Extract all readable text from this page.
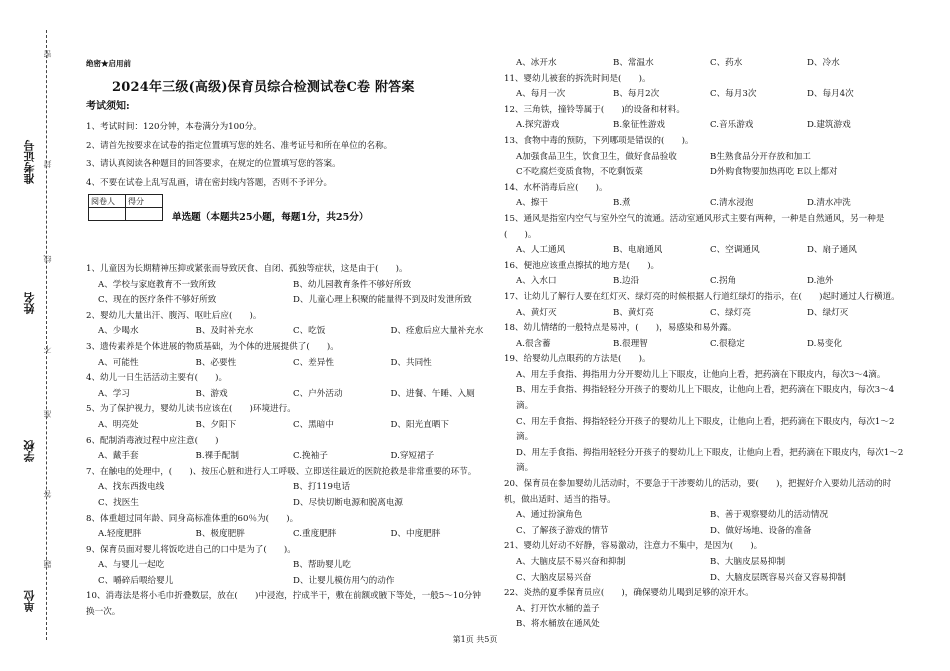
准考证号
姓名
学校
单位
密
封
线
不
准
答
题
绝密★启用前
2024年三级(高级)保育员综合检测试卷C卷 附答案
考试须知:
1、考试时间：120分钟，本卷满分为100分。
2、请首先按要求在试卷的指定位置填写您的姓名、准考证号和所在单位的名称。
3、请认真阅读各种题目的回答要求，在规定的位置填写您的答案。
4、不要在试卷上乱写乱画，请在密封线内答题，否则不予评分。
阅卷人	得分

单选题（本题共25小题，每题1分，共25分）
1、儿童因为长期精神压抑或紧张而导致厌食、自闭、孤独等症状，这是由于(　　)。
A、学校与家庭教育不一致所致	B、幼儿园教育条件不够好所致
C、现在的医疗条件不够好所致	D、儿童心理上积聚的能量得不到及时发泄所致
2、婴幼儿大量出汗、腹泻、呕吐后应(　　)。
A、少喝水	B、及时补充水	C、吃饭	D、痊愈后应大量补充水
3、遗传素养是个体进展的物质基础，为个体的进展提供了(　　)。
A、可能性	B、必要性	C、差异性	D、共同性
4、幼儿一日生活活动主要有(　　)。
A、学习	B、游戏	C、户外活动	D、进餐、午睡、入厕
5、为了保护视力，婴幼儿读书应该在(　　)环境进行。
A、明亮处	B、夕阳下	C、黑暗中	D、阳光直晒下
6、配制消毒液过程中应注意(　　)
A、戴手套	B.裸手配制	C.挽袖子	D.穿短裙子
7、在触电的处理中，(　　)、按压心脏和进行人工呼吸、立即送往最近的医院抢救是非常重要的环节。
A、找东西拨电线	B、打119电话
C、找医生	D、尽快切断电源和脱离电源
8、体重超过同年龄、同身高标准体重的60％为(　　)。
A.轻度肥胖	B、极度肥胖	C.重度肥胖	D、中度肥胖
9、保育员面对婴儿将饭吃进自己的口中是为了(　　)。
A、与婴儿一起吃	B、帮助婴儿吃
C、嚼碎后喂给婴儿	D、让婴儿模仿用勺的动作
10、消毒法是将小毛巾折叠数层，放在(　　)中浸泡，拧成半干，敷在前额或腋下等处，一般5～10分钟换一次。
A、冰开水	B、常温水	C、药水	D、冷水
11、婴幼儿被套的拆洗时间是(　　)。
A、每月一次	B、每月2次	C、每月3次	D、每月4次
12、三角铁，撞铃等属于(　　)的设备和材料。
A.探究游戏	B.象征性游戏	C.音乐游戏	D.建筑游戏
13、食物中毒的预防，下列哪项是错误的(　　)。
A加强食品卫生，饮食卫生，做好食品验收	B生熟食品分开存放和加工
C不吃腐烂变质食物，不吃剩饭菜	D外购食物要加热再吃 E以上都对
14、水杯消毒后应(　　)。
A、擦干	B.煮	C.清水浸泡	D.清水冲洗
15、通风是指室内空气与室外空气的流通。活动室通风形式主要有两种，一种是自然通风，另一种是(　　)。
A、人工通风	B、电扇通风	C、空调通风	D、扇子通风
16、便池应该重点擦拭的地方是(　　)。
A、入水口	B.边沿	C.拐角	D.池外
17、让幼儿了解行人要在红灯灭、绿灯亮的时候根据人行道红绿灯的指示，在(　　)起时通过人行横道。
A、黄灯灭	B、黄灯亮	C、绿灯亮	D、绿灯灭
18、幼儿情绪的一般特点是易冲，(　　)，易感染和易外露。
A.很含蓄	B.很理智	C.很稳定	D.易变化
19、给婴幼儿点眼药的方法是(　　)。
A、用左手食指、拇指用力分开婴幼儿上下眼皮，让他向上看，把药滴在下眼皮内，每次3～4滴。
B、用左手食指、拇指轻轻分开孩子的婴幼儿上下眼皮，让他向上看，把药滴在下眼皮内，每次3～4滴。
C、用左手食指、拇指轻轻分开孩子的婴幼儿上下眼皮，让他向上看，把药滴在下眼皮内，每次1～2滴。
D、用左手食指、拇指用轻轻分开孩子的婴幼儿上下眼皮，让他向上看，把药滴在下眼皮内，每次1～2滴。
20、保育员在参加婴幼儿活动时，不要急于干涉婴幼儿的活动，要(　　)，把握好介入要幼儿活动的时机，做出适时、适当的指导。
A、通过扮演角色	B、善于观察婴幼儿的活动情况
C、了解孩子游戏的情节	D、做好场地、设备的准备
21、婴幼儿好动不好静，容易激动，注意力不集中，是因为(　　)。
A、大脑皮层不易兴奋和抑制	B、大脑皮层易抑制
C、大脑皮层易兴奋	D、大脑皮层既容易兴奋又容易抑制
22、炎热的夏季保育员应(　　)，确保婴幼儿喝到足够的凉开水。
A、打开饮水桶的盖子
B、将水桶放在通风处
第1页 共5页
